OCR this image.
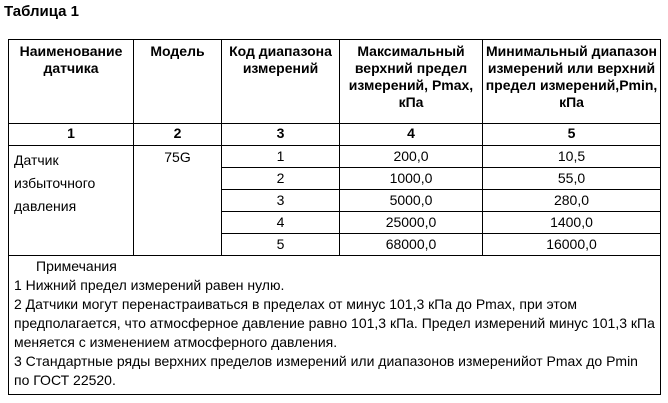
Таблица 1
Наименование датчика	Модель	Код диапазона измерений	Максимальный верхний предел измерений, Pmax, кПа	Минимальный диапазон измерений или верхний предел измерений,Pmin, кПа
1	2	3	4	5
Датчик избыточного давления	75G	1	200,0	10,5
		2	1000,0	55,0
		3	5000,0	280,0
		4	25000,0	1400,0
		5	68000,0	16000,0

Примечания
1 Нижний предел измерений равен нулю.
2 Датчики могут перенастраиваться в пределах от минус 101,3 кПа до Pmax, при этом предполагается, что атмосферное давление равно 101,3 кПа. Предел измерений минус 101,3 кПа меняется с изменением атмосферного давления.
3 Стандартные ряды верхних пределов измерений или диапазонов измеренийот Pmax до Pmin по ГОСТ 22520.				
